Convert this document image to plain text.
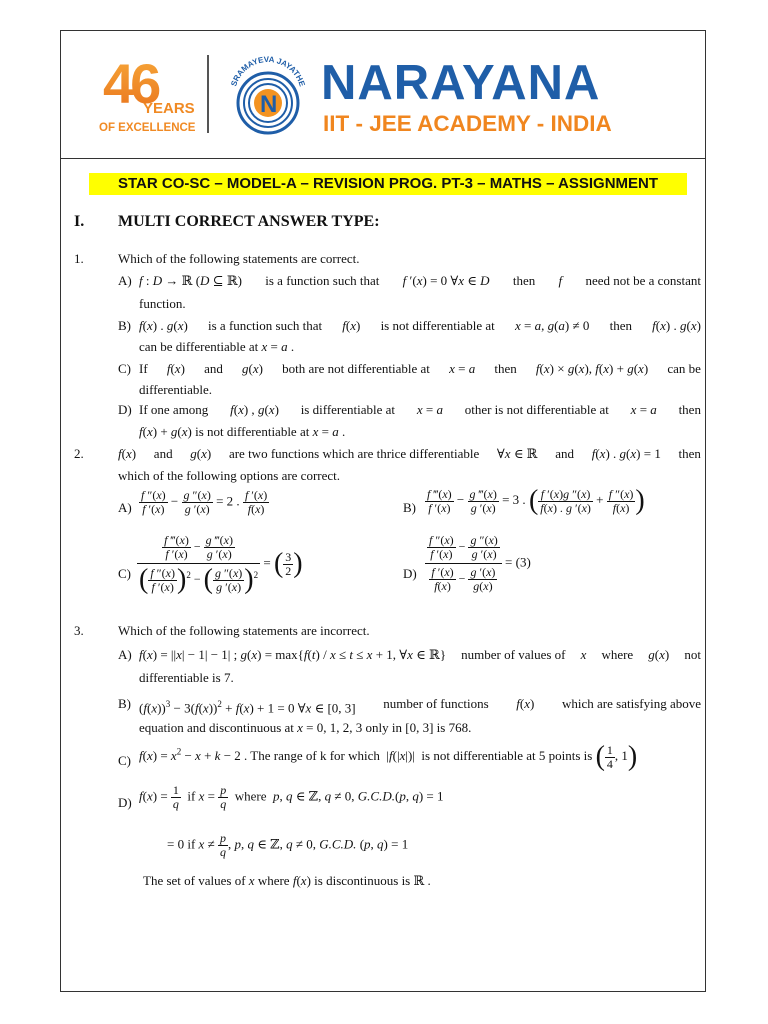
46
YEARS
OF EXCELLENCE
SRAMAYEVA JAYATHE
N NARAYANA
IIT - JEE ACADEMY - INDIA
STAR CO-SC – MODEL-A – REVISION PROG. PT-3 – MATHS – ASSIGNMENT
I. MULTI CORRECT ANSWER TYPE:
1.	Which of the following statements are correct.
A) f : D → ℝ (D ⊆ ℝ) is a function such that f ′(x) = 0 ∀x ∈ D then f need not be a constant
function.
B) f(x) . g(x) is a function such that f(x) is not differentiable at x = a, g(a) ≠ 0 then f(x) . g(x)
can be differentiable at x = a .
C) If f(x) and g(x) both are not differentiable at x = a then f(x) × g(x), f(x) + g(x) can be
differentiable.
D) If one among f(x) , g(x) is differentiable at x = a other is not differentiable at x = a then
f(x) + g(x) is not differentiable at x = a .
2.	f(x) and g(x) are two functions which are thrice differentiable ∀x ∈ ℝ and f(x) . g(x) = 1 then
which of the following options are correct.
$A) \frac{f ''(x)}{f '(x)} - \frac{g ''(x)}{g '(x)} = 2$ . $\frac{f '(x)}{f(x)}$	$B) \frac{f ‴(x)}{f '(x)} - \frac{g ‴(x)}{g '(x)} = 3$ . ( $\frac{f '(x)g ''(x)}{f(x) . g '(x)} + \frac{f ''(x)}{f(x)}$ )
$C) \frac{\frac{f ‴(x)}{f '(x)} - \frac{g ‴(x)}{g '(x)}}{( \frac{f ''(x)}{f '(x)} )^2 - ( \frac{g ''(x)}{g '(x)} )^2}$ = ( $\frac{3}{2}$ )	$D) \frac{\frac{f ''(x)}{f '(x)} - \frac{g ''(x)}{g '(x)}}{\frac{f '(x)}{f(x)} - \frac{g '(x)}{g(x)}} = (3)$
3.	Which of the following statements are incorrect.
A) f(x) = ||x| − 1| − 1| ; g(x) = max{f(t) / x ≤ t ≤ x + 1, ∀x ∈ ℝ} number of values of x where g(x) not
differentiable is 7.
B) $(f(x))^3 - 3(f(x))^2 + f(x) + 1 = 0$ ∀x ∈ [0, 3] number of functions f(x) which are satisfying above
equation and discontinuous at x = 0, 1, 2, 3 only in [0, 3] is 768.
C) $f(x) = x^2 - x + k - 2$ . The range of k for which  |f(|x|)|  is not differentiable at 5 points is ( $\frac{1}{4}$ , 1)
D) $f(x) = \frac{1}{q}$ if $x = \frac{p}{q}$ where p, q ∈ ℤ, q ≠ 0, G.C.D.(p, q) = 1
= 0 if $x \ne \frac{p}{q}$ , p, q ∈ ℤ, q ≠ 0, G.C.D. (p, q) = 1
The set of values of x where f(x) is discontinuous is ℝ .
